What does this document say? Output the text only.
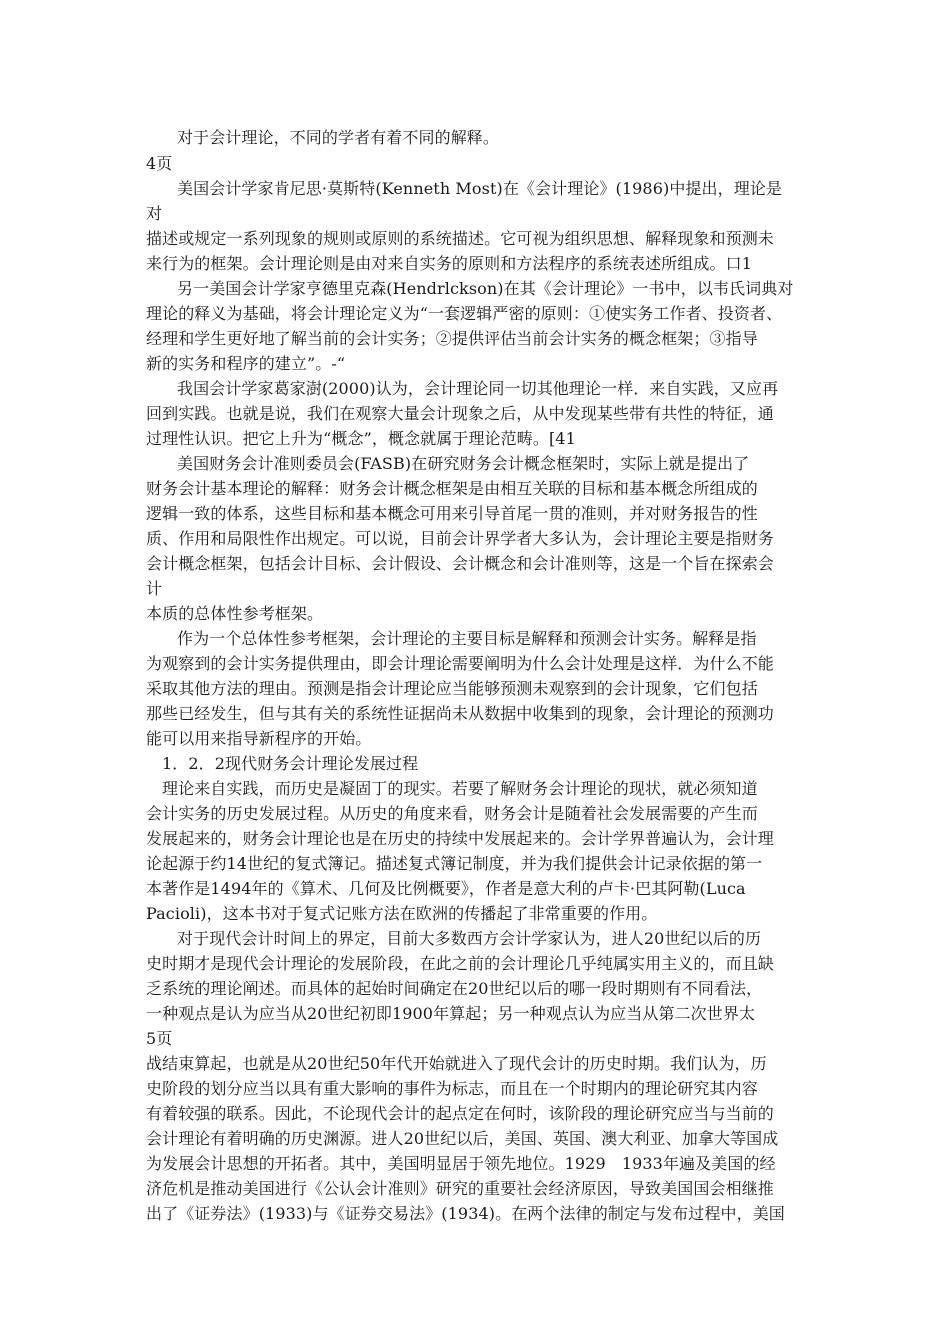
对于会计理论，不同的学者有着不同的解释。
4页
美国会计学家肯尼思·莫斯特(Kenneth Most)在《会计理论》(1986)中提出，理论是
对
描述或规定一系列现象的规则或原则的系统描述。它可视为组织思想、解释现象和预测未
来行为的框架。会计理论则是由对来自实务的原则和方法程序的系统表述所组成。口1
另一美国会计学家亨德里克森(Hendrlckson)在其《会计理论》一书中，以韦氏词典对
理论的释义为基础，将会计理论定义为“一套逻辑严密的原则：①使实务工作者、投资者、
经理和学生更好地了解当前的会计实务；②提供评估当前会计实务的概念框架；③指导
新的实务和程序的建立”。-“
我国会计学家葛家澍(2000)认为，会计理论同一切其他理论一样．来自实践，又应再
回到实践。也就是说，我们在观察大量会计现象之后，从中发现某些带有共性的特征，通
过理性认识。把它上升为“概念”，概念就属于理论范畴。[41
美国财务会计准则委员会(FASB)在研究财务会计概念框架时，实际上就是提出了
财务会计基本理论的解释：财务会计概念框架是由相互关联的目标和基本概念所组成的
逻辑一致的体系，这些目标和基本概念可用来引导首尾一贯的准则，并对财务报告的性
质、作用和局限性作出规定。可以说，目前会计界学者大多认为，会计理论主要是指财务
会计概念框架，包括会计目标、会计假设、会计概念和会计准则等，这是一个旨在探索会
计
本质的总体性参考框架。
作为一个总体性参考框架，会计理论的主要目标是解释和预测会计实务。解释是指
为观察到的会计实务提供理由，即会计理论需要阐明为什么会计处理是这样．为什么不能
采取其他方法的理由。预测是指会计理论应当能够预测未观察到的会计现象，它们包括
那些已经发生，但与其有关的系统性证据尚未从数据中收集到的现象，会计理论的预测功
能可以用来指导新程序的开始。
1．2．2现代财务会计理论发展过程
理论来自实践，而历史是凝固丁的现实。若要了解财务会计理论的现状，就必须知道
会计实务的历史发展过程。从历史的角度来看，财务会计是随着社会发展需要的产生而
发展起来的，财务会计理论也是在历史的持续中发展起来的。会计学界普遍认为，会计理
论起源于约14世纪的复式簿记。描述复式簿记制度，并为我们提供会计记录依据的第一
本著作是1494年的《算术、几何及比例概要》，作者是意大利的卢卡·巴其阿勒(Luca
Pacioli)，这本书对于复式记账方法在欧洲的传播起了非常重要的作用。
对于现代会计时间上的界定，目前大多数西方会计学家认为，进人20世纪以后的历
史时期才是现代会计理论的发展阶段，在此之前的会计理论几乎纯属实用主义的，而且缺
乏系统的理论阐述。而具体的起始时间确定在20世纪以后的哪一段时期则有不同看法，
一种观点是认为应当从20世纪初即1900年算起；另一种观点认为应当从第二次世界太
5页
战结束算起，也就是从20世纪50年代开始就进入了现代会计的历史时期。我们认为，历
史阶段的划分应当以具有重大影响的事件为标志，而且在一个时期内的理论研究其内容
有着较强的联系。因此，不论现代会计的起点定在何时，该阶段的理论研究应当与当前的
会计理论有着明确的历史渊源。进人20世纪以后，美国、英国、澳大利亚、加拿大等国成
为发展会计思想的开拓者。其中，美国明显居于领先地位。1929　1933年遍及美国的经
济危机是推动美国进行《公认会计准则》研究的重要社会经济原因，导致美国国会相继推
出了《证券法》(1933)与《证券交易法》(1934)。在两个法律的制定与发布过程中，美国
